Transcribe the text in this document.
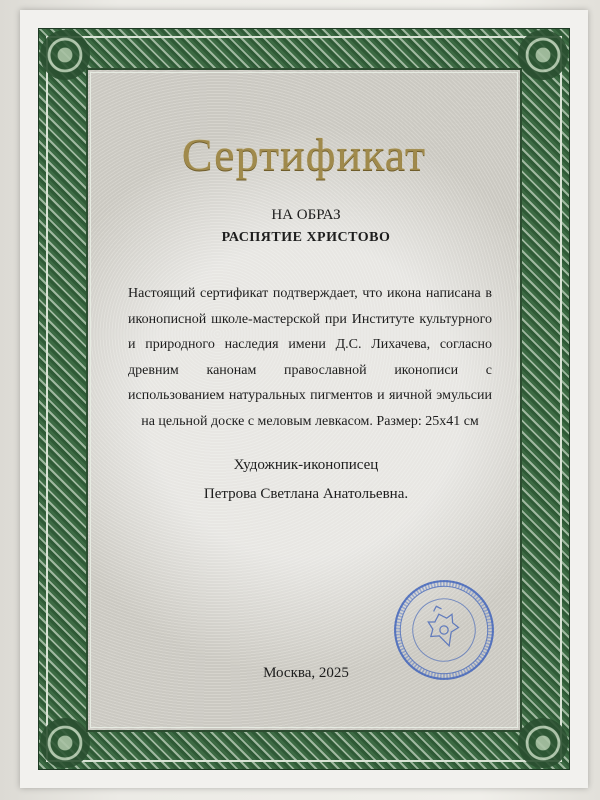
Сертификат
НА ОБРАЗ
РАСПЯТИЕ ХРИСТОВО
Настоящий сертификат подтверждает, что икона написана в иконописной школе-мастерской при Институте культурного и природного наследия имени Д.С. Лихачева, согласно древним канонам православной иконописи с использованием натуральных пигментов и яичной эмульсии на цельной доске с меловым левкасом. Размер: 25х41 см
Художник-иконописец
Петрова Светлана Анатольевна.
Москва, 2025
